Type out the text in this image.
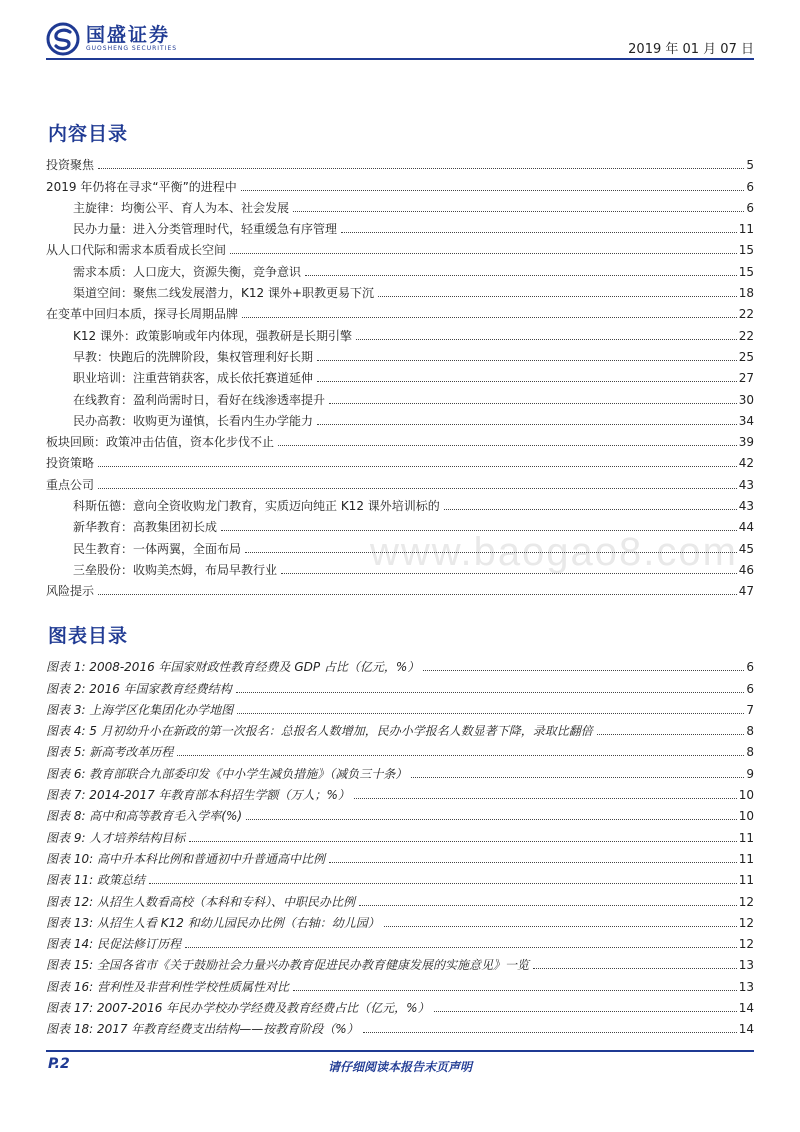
国盛证券
GUOSHENG SECURITIES	2019 年 01 月 07 日
www.baogao8.com
内容目录
投资聚焦	5
2019 年仍将在寻求“平衡”的进程中	6
主旋律：均衡公平、育人为本、社会发展	6
民办力量：进入分类管理时代，轻重缓急有序管理	11
从人口代际和需求本质看成长空间	15
需求本质：人口庞大，资源失衡，竞争意识	15
渠道空间：聚焦二线发展潜力，K12 课外+职教更易下沉	18
在变革中回归本质，探寻长周期品牌	22
K12 课外：政策影响或年内体现，强教研是长期引擎	22
早教：快跑后的洗牌阶段，集权管理利好长期	25
职业培训：注重营销获客，成长依托赛道延伸	27
在线教育：盈利尚需时日，看好在线渗透率提升	30
民办高教：收购更为谨慎，长看内生办学能力	34
板块回顾：政策冲击估值，资本化步伐不止	39
投资策略	42
重点公司	43
科斯伍德：意向全资收购龙门教育，实质迈向纯正 K12 课外培训标的	43
新华教育：高教集团初长成	44
民生教育：一体两翼，全面布局	45
三垒股份：收购美杰姆，布局早教行业	46
风险提示	47
图表目录
图表 1: 2008-2016 年国家财政性教育经费及 GDP 占比（亿元，%）	6
图表 2: 2016 年国家教育经费结构	6
图表 3: 上海学区化集团化办学地图	7
图表 4: 5 月初幼升小在新政的第一次报名：总报名人数增加，民办小学报名人数显著下降，录取比翻倍	8
图表 5: 新高考改革历程	8
图表 6: 教育部联合九部委印发《中小学生减负措施》（减负三十条）	9
图表 7: 2014-2017 年教育部本科招生学额（万人；%）	10
图表 8: 高中和高等教育毛入学率(%)	10
图表 9: 人才培养结构目标	11
图表 10: 高中升本科比例和普通初中升普通高中比例	11
图表 11: 政策总结	11
图表 12: 从招生人数看高校（本科和专科）、中职民办比例	12
图表 13: 从招生人看 K12 和幼儿园民办比例（右轴：幼儿园）	12
图表 14: 民促法修订历程	12
图表 15: 全国各省市《关于鼓励社会力量兴办教育促进民办教育健康发展的实施意见》一览	13
图表 16: 营利性及非营利性学校性质属性对比	13
图表 17: 2007-2016 年民办学校办学经费及教育经费占比（亿元，%）	14
图表 18: 2017 年教育经费支出结构——按教育阶段（%）	14
P.2	请仔细阅读本报告末页声明
